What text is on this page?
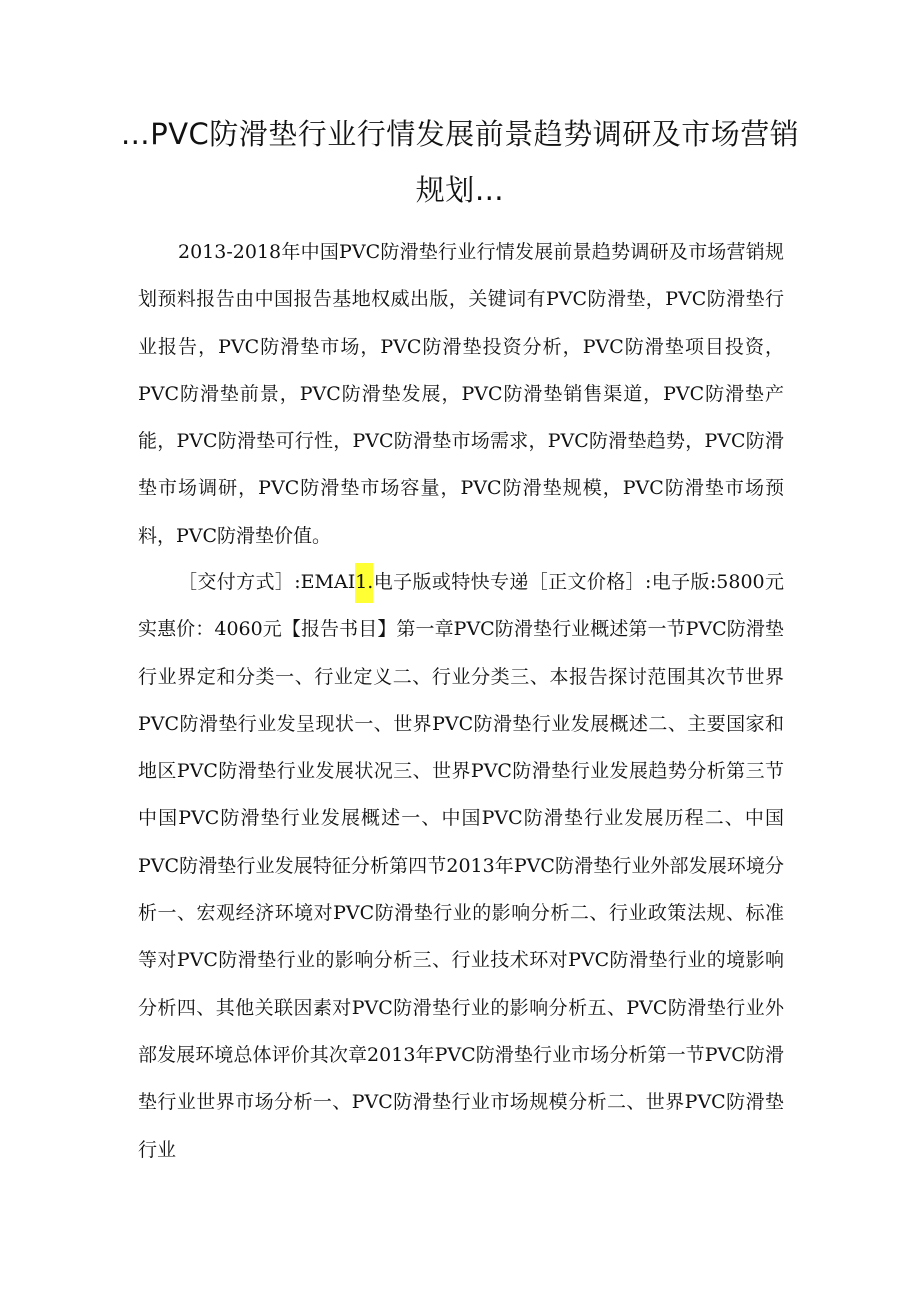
…PVC防滑垫行业行情发展前景趋势调研及市场营销规划…

2013-2018年中国PVC防滑垫行业行情发展前景趋势调研及市场营销规划预料报告由中国报告基地权威出版，关键词有PVC防滑垫，PVC防滑垫行业报告，PVC防滑垫市场，PVC防滑垫投资分析，PVC防滑垫项目投资，PVC防滑垫前景，PVC防滑垫发展，PVC防滑垫销售渠道，PVC防滑垫产能，PVC防滑垫可行性，PVC防滑垫市场需求，PVC防滑垫趋势，PVC防滑垫市场调研，PVC防滑垫市场容量，PVC防滑垫规模，PVC防滑垫市场预料，PVC防滑垫价值。

［交付方式］:EMAI1.电子版或特快专递［正文价格］:电子版:5800元实惠价：4060元【报告书目】第一章PVC防滑垫行业概述第一节PVC防滑垫行业界定和分类一、行业定义二、行业分类三、本报告探讨范围其次节世界PVC防滑垫行业发呈现状一、世界PVC防滑垫行业发展概述二、主要国家和地区PVC防滑垫行业发展状况三、世界PVC防滑垫行业发展趋势分析第三节中国PVC防滑垫行业发展概述一、中国PVC防滑垫行业发展历程二、中国PVC防滑垫行业发展特征分析第四节2013年PVC防滑垫行业外部发展环境分析一、宏观经济环境对PVC防滑垫行业的影响分析二、行业政策法规、标准等对PVC防滑垫行业的影响分析三、行业技术环对PVC防滑垫行业的境影响分析四、其他关联因素对PVC防滑垫行业的影响分析五、PVC防滑垫行业外部发展环境总体评价其次章2013年PVC防滑垫行业市场分析第一节PVC防滑垫行业世界市场分析一、PVC防滑垫行业市场规模分析二、世界PVC防滑垫行业
